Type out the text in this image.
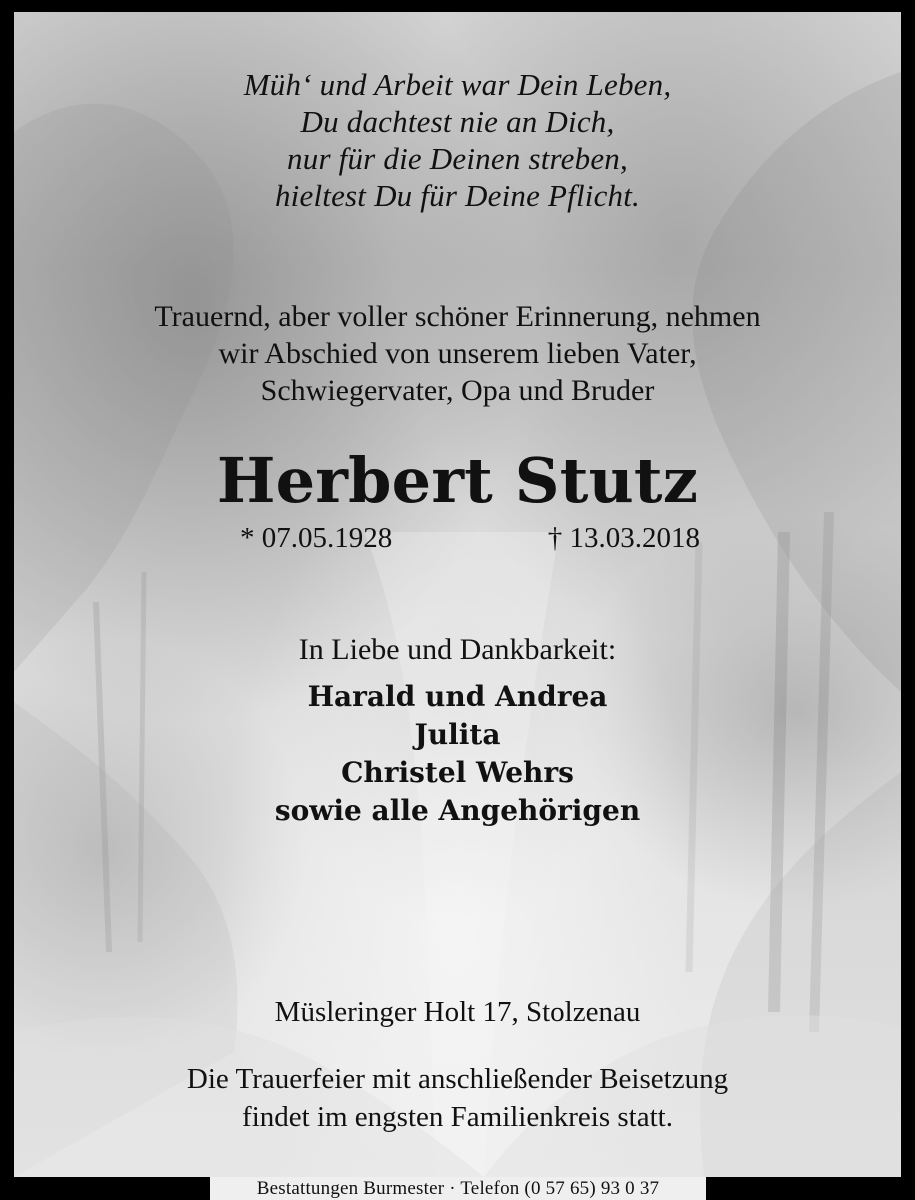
Müh‘ und Arbeit war Dein Leben,
Du dachtest nie an Dich,
nur für die Deinen streben,
hieltest Du für Deine Pflicht.
Trauernd, aber voller schöner Erinnerung, nehmen
wir Abschied von unserem lieben Vater,
Schwiegervater, Opa und Bruder
Herbert Stutz
* 07.05.1928	† 13.03.2018
In Liebe und Dankbarkeit:
Harald und Andrea
Julita
Christel Wehrs
sowie alle Angehörigen
Müsleringer Holt 17, Stolzenau
Die Trauerfeier mit anschließender Beisetzung
findet im engsten Familienkreis statt.
Bestattungen Burmester · Telefon (0 57 65) 93 0 37
